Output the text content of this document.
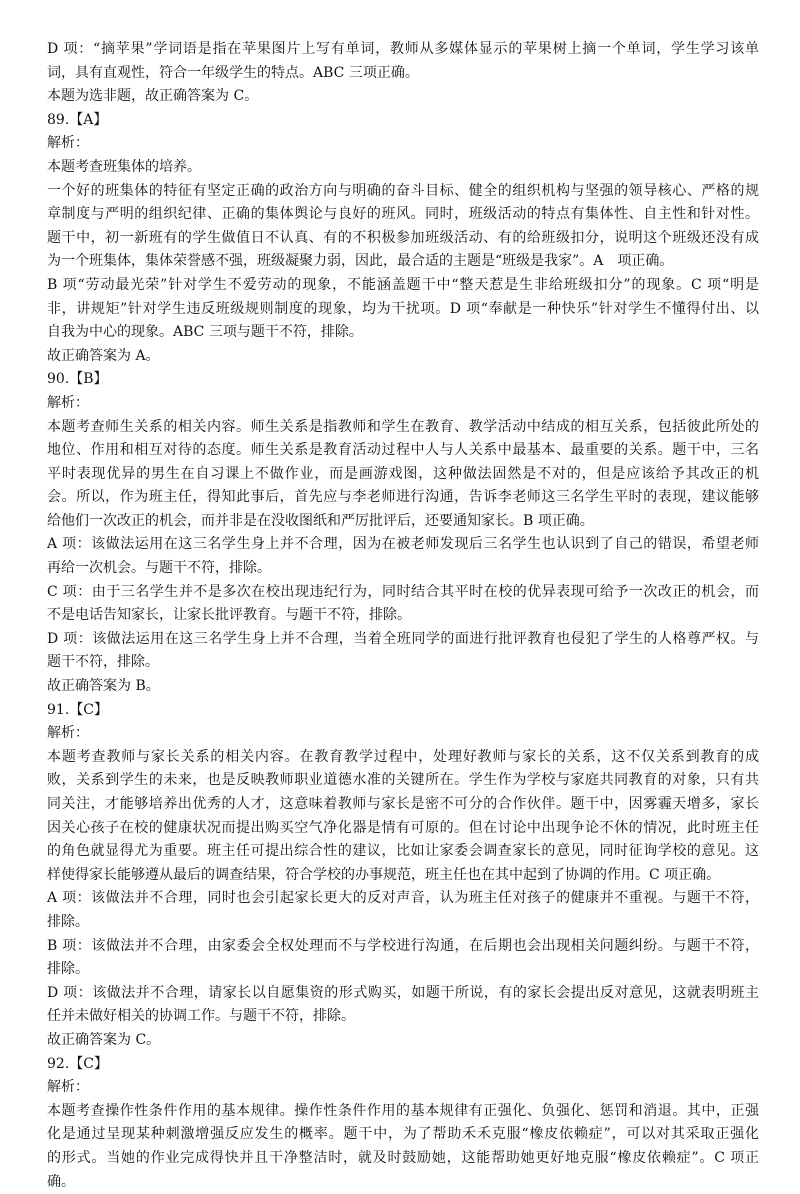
D 项：“摘苹果”学词语是指在苹果图片上写有单词，教师从多媒体显示的苹果树上摘一个单词，学生学习该单
词，具有直观性，符合一年级学生的特点。ABC 三项正确。
本题为选非题，故正确答案为 C。
89.【A】
解析：
本题考查班集体的培养。
一个好的班集体的特征有坚定正确的政治方向与明确的奋斗目标、健全的组织机构与坚强的领导核心、严格的规
章制度与严明的组织纪律、正确的集体舆论与良好的班风。同时，班级活动的特点有集体性、自主性和针对性。
题干中，初一新班有的学生做值日不认真、有的不积极参加班级活动、有的给班级扣分，说明这个班级还没有成
为一个班集体，集体荣誉感不强，班级凝聚力弱，因此，最合适的主题是“班级是我家”。A　项正确。
B 项“劳动最光荣”针对学生不爱劳动的现象，不能涵盖题干中“整天惹是生非给班级扣分”的现象。C 项“明是
非，讲规矩”针对学生违反班级规则制度的现象，均为干扰项。D 项“奉献是一种快乐”针对学生不懂得付出、以
自我为中心的现象。ABC 三项与题干不符，排除。
故正确答案为 A。
90.【B】
解析：
本题考查师生关系的相关内容。师生关系是指教师和学生在教育、教学活动中结成的相互关系，包括彼此所处的
地位、作用和相互对待的态度。师生关系是教育活动过程中人与人关系中最基本、最重要的关系。题干中，三名
平时表现优异的男生在自习课上不做作业，而是画游戏图，这种做法固然是不对的，但是应该给予其改正的机
会。所以，作为班主任，得知此事后，首先应与李老师进行沟通，告诉李老师这三名学生平时的表现，建议能够
给他们一次改正的机会，而并非是在没收图纸和严厉批评后，还要通知家长。B 项正确。
A 项：该做法运用在这三名学生身上并不合理，因为在被老师发现后三名学生也认识到了自己的错误，希望老师
再给一次机会。与题干不符，排除。
C 项：由于三名学生并不是多次在校出现违纪行为，同时结合其平时在校的优异表现可给予一次改正的机会，而
不是电话告知家长，让家长批评教育。与题干不符，排除。
D 项：该做法运用在这三名学生身上并不合理，当着全班同学的面进行批评教育也侵犯了学生的人格尊严权。与
题干不符，排除。
故正确答案为 B。
91.【C】
解析：
本题考查教师与家长关系的相关内容。在教育教学过程中，处理好教师与家长的关系，这不仅关系到教育的成
败，关系到学生的未来，也是反映教师职业道德水准的关键所在。学生作为学校与家庭共同教育的对象，只有共
同关注，才能够培养出优秀的人才，这意味着教师与家长是密不可分的合作伙伴。题干中，因雾霾天增多，家长
因关心孩子在校的健康状况而提出购买空气净化器是情有可原的。但在讨论中出现争论不休的情况，此时班主任
的角色就显得尤为重要。班主任可提出综合性的建议，比如让家委会调查家长的意见，同时征询学校的意见。这
样使得家长能够遵从最后的调查结果，符合学校的办事规范，班主任也在其中起到了协调的作用。C 项正确。
A 项：该做法并不合理，同时也会引起家长更大的反对声音，认为班主任对孩子的健康并不重视。与题干不符，
排除。
B 项：该做法并不合理，由家委会全权处理而不与学校进行沟通，在后期也会出现相关问题纠纷。与题干不符，
排除。
D 项：该做法并不合理，请家长以自愿集资的形式购买，如题干所说，有的家长会提出反对意见，这就表明班主
任并未做好相关的协调工作。与题干不符，排除。
故正确答案为 C。
92.【C】
解析：
本题考查操作性条件作用的基本规律。操作性条件作用的基本规律有正强化、负强化、惩罚和消退。其中，正强
化是通过呈现某种刺激增强反应发生的概率。题干中，为了帮助禾禾克服“橡皮依赖症”，可以对其采取正强化
的形式。当她的作业完成得快并且干净整洁时，就及时鼓励她，这能帮助她更好地克服“橡皮依赖症”。C 项正
确。
